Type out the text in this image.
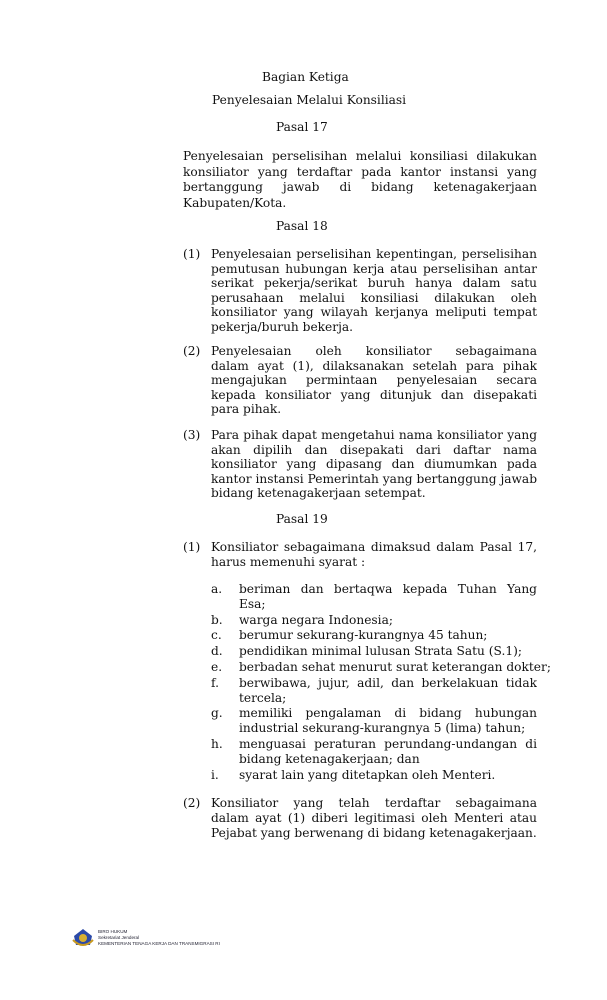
Bagian Ketiga
Penyelesaian Melalui Konsiliasi
Pasal 17
Penyelesaian perselisihan melalui konsiliasi dilakukan
konsiliator yang terdaftar pada kantor instansi yang
bertanggung jawab di bidang ketenagakerjaan
Kabupaten/Kota.
Pasal 18
(1) Penyelesaian perselisihan kepentingan, perselisihan
pemutusan hubungan kerja atau perselisihan antar
serikat pekerja/serikat buruh hanya dalam satu
perusahaan melalui konsiliasi dilakukan oleh
konsiliator yang wilayah kerjanya meliputi tempat
pekerja/buruh bekerja.
(2) Penyelesaian oleh konsiliator sebagaimana
dalam ayat (1), dilaksanakan setelah para pihak
mengajukan permintaan penyelesaian secara
kepada konsiliator yang ditunjuk dan disepakati
para pihak.
(3) Para pihak dapat mengetahui nama konsiliator yang
akan dipilih dan disepakati dari daftar nama
konsiliator yang dipasang dan diumumkan pada
kantor instansi Pemerintah yang bertanggung jawab
bidang ketenagakerjaan setempat.
Pasal 19
(1) Konsiliator sebagaimana dimaksud dalam Pasal 17,
harus memenuhi syarat :
a. beriman dan bertaqwa kepada Tuhan Yang
Esa;
b. warga negara Indonesia;
c. berumur sekurang-kurangnya 45 tahun;
d. pendidikan minimal lulusan Strata Satu (S.1);
e. berbadan sehat menurut surat keterangan dokter;
f. berwibawa, jujur, adil, dan berkelakuan tidak
tercela;
g. memiliki pengalaman di bidang hubungan
industrial sekurang-kurangnya 5 (lima) tahun;
h. menguasai peraturan perundang-undangan di
bidang ketenagakerjaan; dan
i. syarat lain yang ditetapkan oleh Menteri.
(2) Konsiliator yang telah terdaftar sebagaimana
dalam ayat (1) diberi legitimasi oleh Menteri atau
Pejabat yang berwenang di bidang ketenagakerjaan.
BIRO HUKUM
Sekretariat Jenderal
KEMENTERIAN TENAGA KERJA DAN TRANSMIGRASI RI
